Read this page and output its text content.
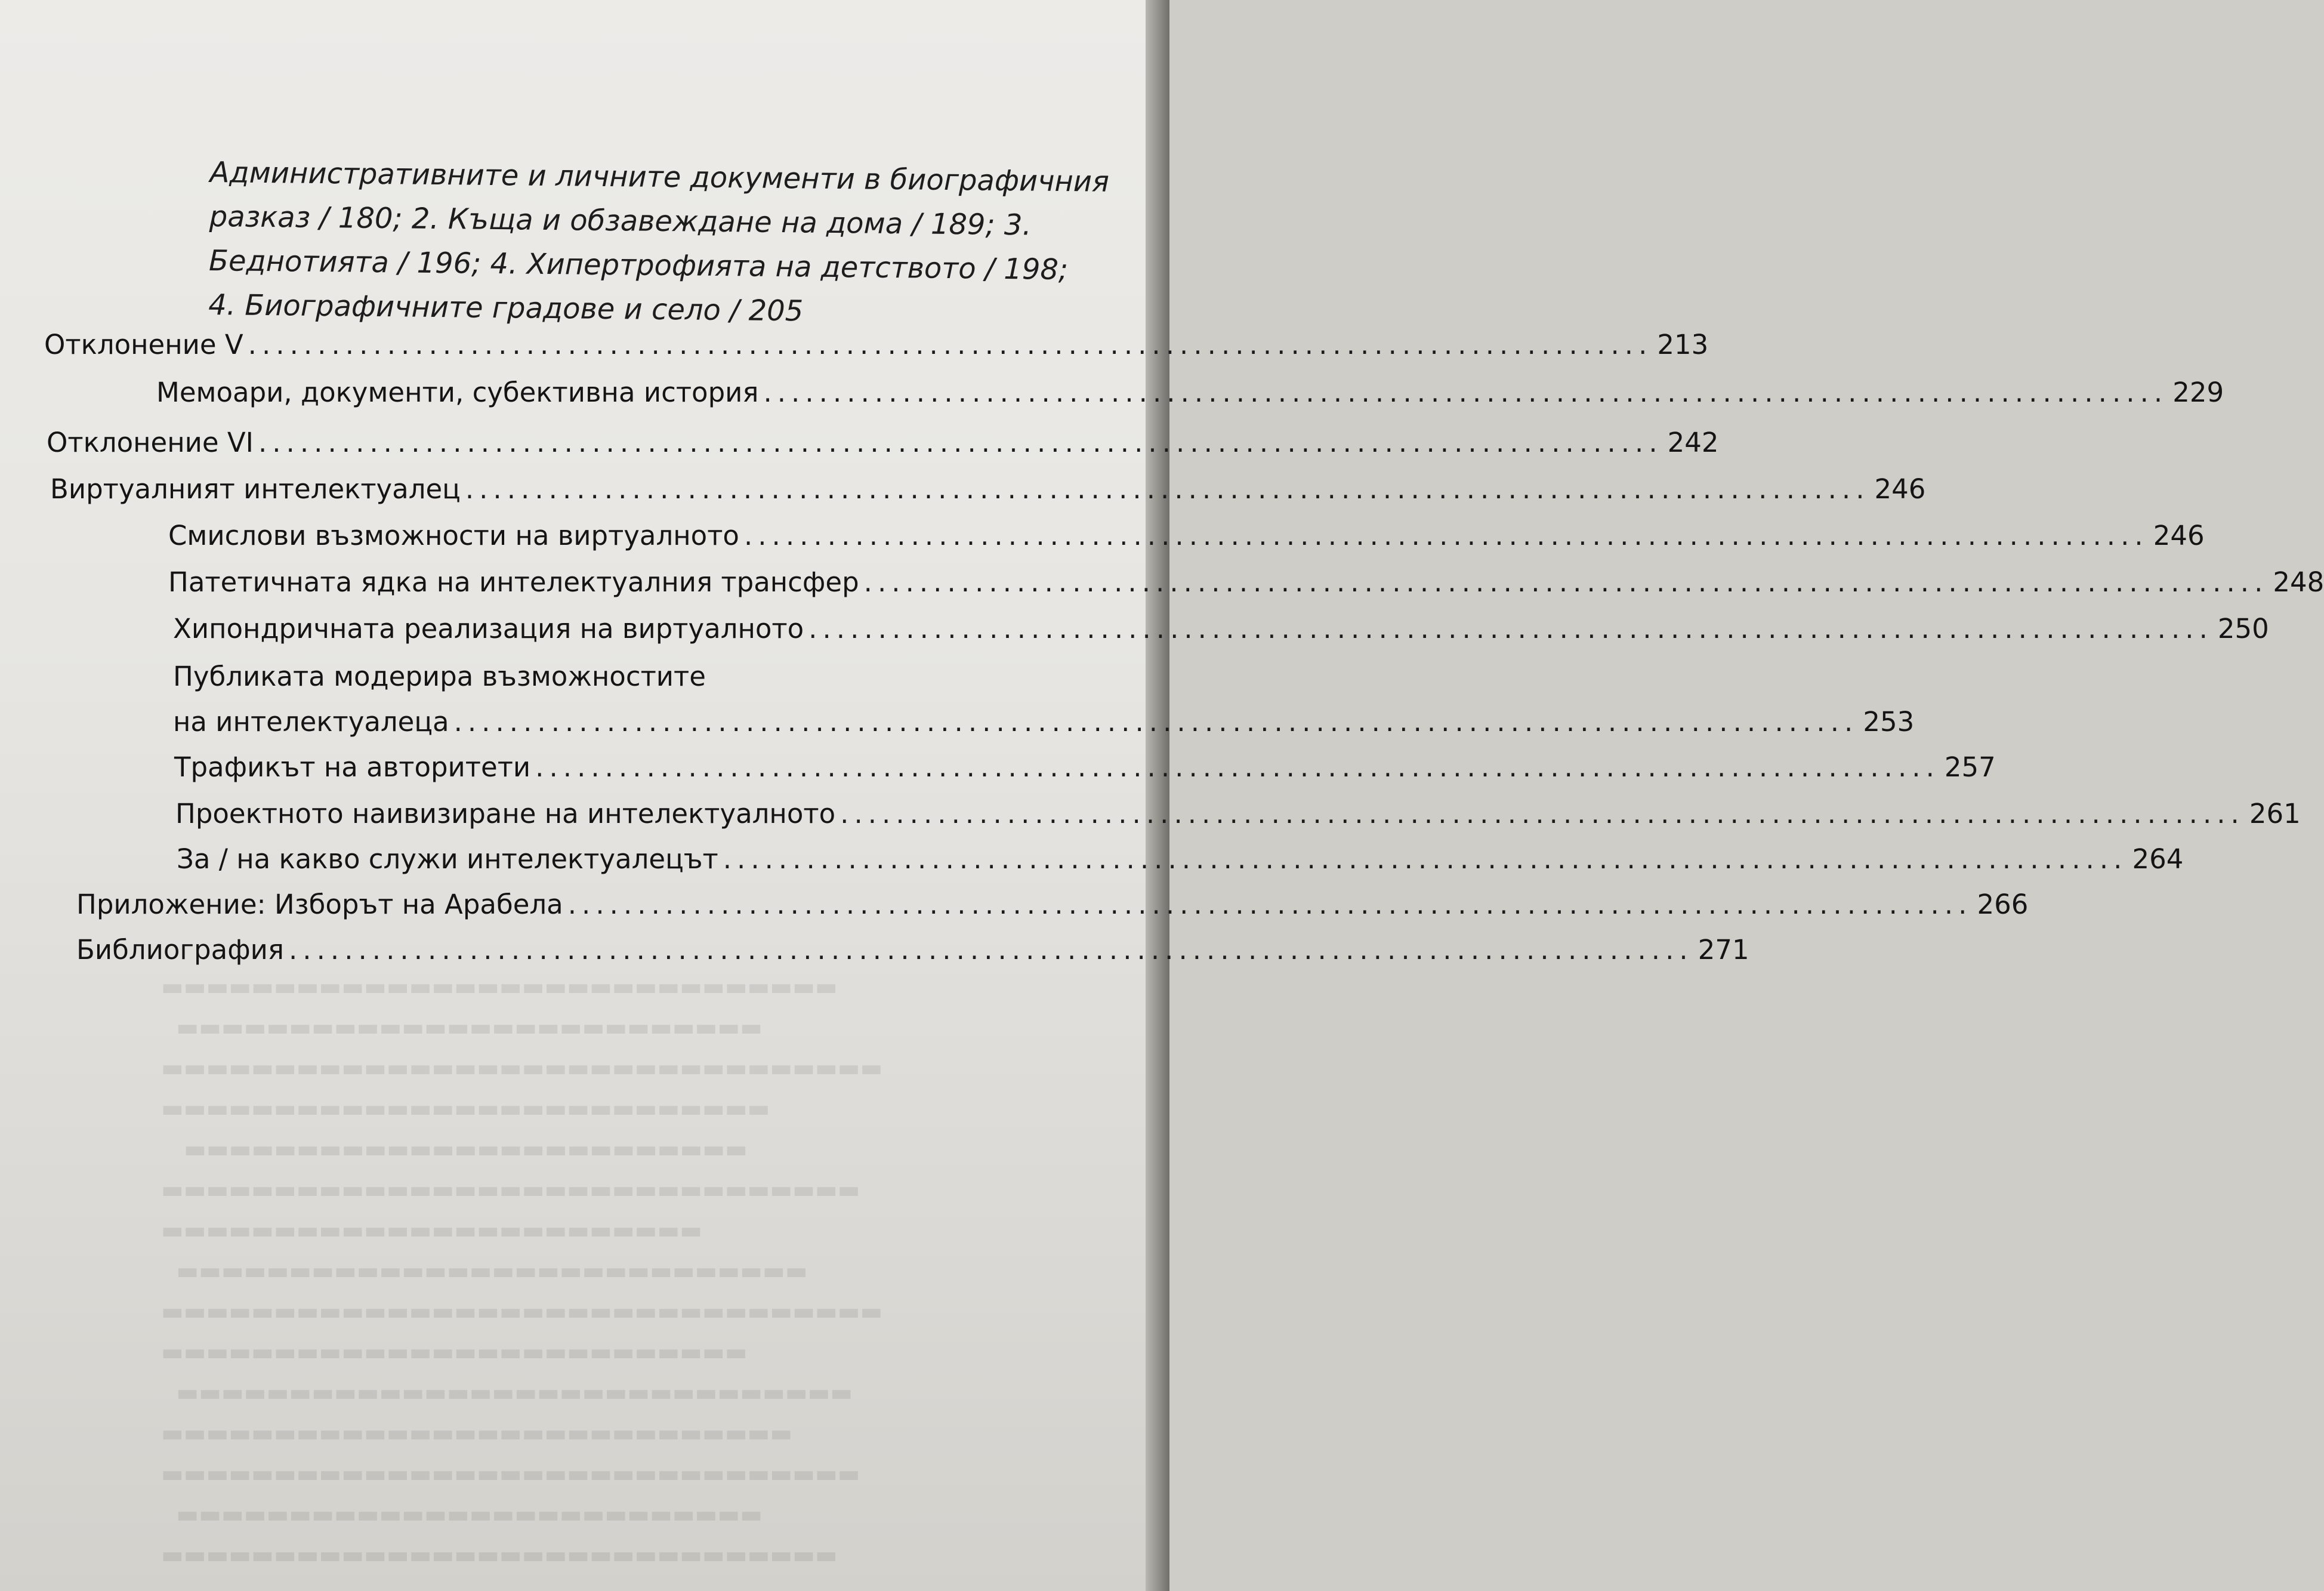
▬▬▬▬▬▬▬▬▬▬▬▬▬▬▬▬▬▬▬▬▬▬▬▬▬▬▬▬▬▬
▬▬▬▬▬▬▬▬▬▬▬▬▬▬▬▬▬▬▬▬▬▬▬▬▬▬
▬▬▬▬▬▬▬▬▬▬▬▬▬▬▬▬▬▬▬▬▬▬▬▬▬▬▬▬▬▬▬▬
▬▬▬▬▬▬▬▬▬▬▬▬▬▬▬▬▬▬▬▬▬▬▬▬▬▬▬
▬▬▬▬▬▬▬▬▬▬▬▬▬▬▬▬▬▬▬▬▬▬▬▬▬
▬▬▬▬▬▬▬▬▬▬▬▬▬▬▬▬▬▬▬▬▬▬▬▬▬▬▬▬▬▬▬
▬▬▬▬▬▬▬▬▬▬▬▬▬▬▬▬▬▬▬▬▬▬▬▬
▬▬▬▬▬▬▬▬▬▬▬▬▬▬▬▬▬▬▬▬▬▬▬▬▬▬▬▬
▬▬▬▬▬▬▬▬▬▬▬▬▬▬▬▬▬▬▬▬▬▬▬▬▬▬▬▬▬▬▬▬
▬▬▬▬▬▬▬▬▬▬▬▬▬▬▬▬▬▬▬▬▬▬▬▬▬▬
▬▬▬▬▬▬▬▬▬▬▬▬▬▬▬▬▬▬▬▬▬▬▬▬▬▬▬▬▬▬
▬▬▬▬▬▬▬▬▬▬▬▬▬▬▬▬▬▬▬▬▬▬▬▬▬▬▬▬
▬▬▬▬▬▬▬▬▬▬▬▬▬▬▬▬▬▬▬▬▬▬▬▬▬▬▬▬▬▬▬
▬▬▬▬▬▬▬▬▬▬▬▬▬▬▬▬▬▬▬▬▬▬▬▬▬▬
▬▬▬▬▬▬▬▬▬▬▬▬▬▬▬▬▬▬▬▬▬▬▬▬▬▬▬▬▬▬
Административните и личните документи в биографичния
разказ / 180; 2. Къща и обзавеждане на дома / 189; 3.
Беднотията / 196; 4. Хипертрофията на детството / 198;
4. Биографичните градове и село / 205
Отклонение V ..................................................................................................... 213
Мемоари, документи, субективна история ..................................................................................................... 229
Отклонение VI ..................................................................................................... 242
Виртуалният интелектуалец ..................................................................................................... 246
Смислови възможности на виртуалното ..................................................................................................... 246
Патетичната ядка на интелектуалния трансфер ..................................................................................................... 248
Хипондричната реализация на виртуалното ..................................................................................................... 250
Публиката модерира възможностите
на интелектуалеца ..................................................................................................... 253
Трафикът на авторитети ..................................................................................................... 257
Проектното наивизиране на интелектуалното ..................................................................................................... 261
За / на какво служи интелектуалецът ..................................................................................................... 264
Приложение: Изборът на Арабела ..................................................................................................... 266
Библиография ..................................................................................................... 271
